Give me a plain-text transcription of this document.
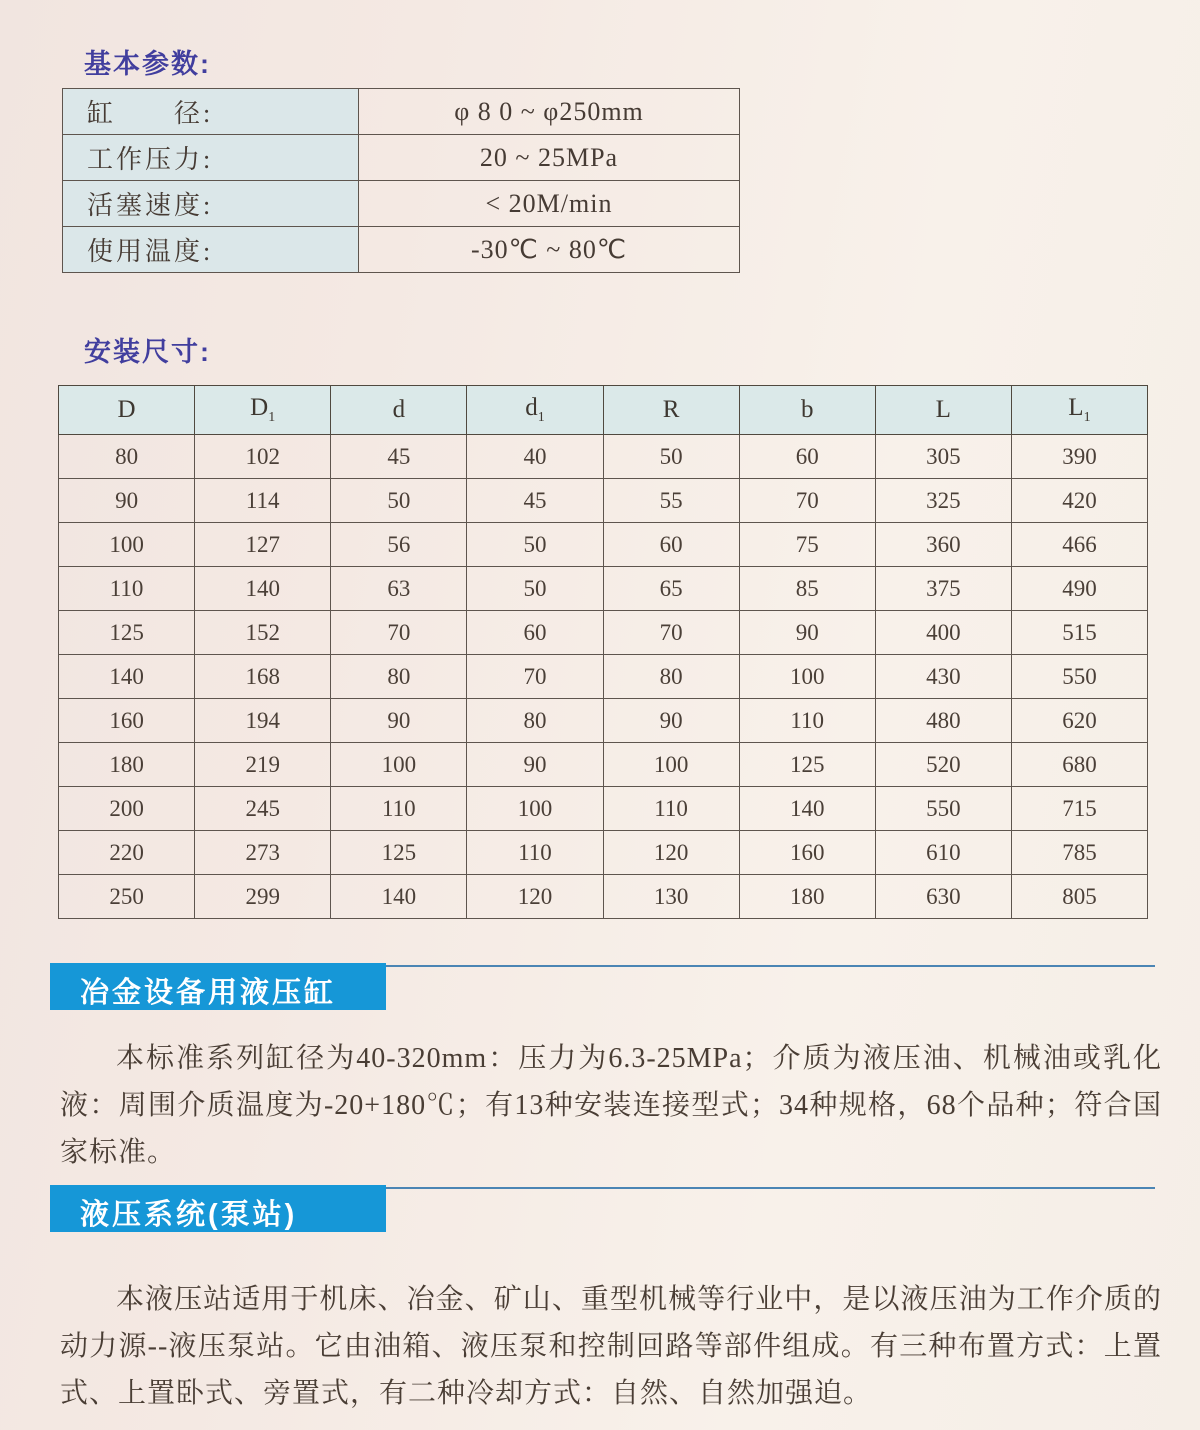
基本参数:
缸　　径:	φ 8 0 ~ φ250mm
工作压力:	20 ~ 25MPa
活塞速度:	< 20M/min
使用温度:	-30℃ ~ 80℃
安装尺寸:
D	$D_1$	d	$d_1$	R	b	L	$L_1$
80	102	45	40	50	60	305	390
90	114	50	45	55	70	325	420
100	127	56	50	60	75	360	466
110	140	63	50	65	85	375	490
125	152	70	60	70	90	400	515
140	168	80	70	80	100	430	550
160	194	90	80	90	110	480	620
180	219	100	90	100	125	520	680
200	245	110	100	110	140	550	715
220	273	125	110	120	160	610	785
250	299	140	120	130	180	630	805
冶金设备用液压缸

本标准系列缸径为40-320mm：压力为6.3-25MPa；介质为液压油、机械油或乳化液：周围介质温度为-20+180℃；有13种安装连接型式；34种规格，68个品种；符合国家标准。

液压系统(泵站)

本液压站适用于机床、冶金、矿山、重型机械等行业中，是以液压油为工作介质的动力源--液压泵站。它由油箱、液压泵和控制回路等部件组成。有三种布置方式：上置式、上置卧式、旁置式，有二种冷却方式：自然、自然加强迫。
